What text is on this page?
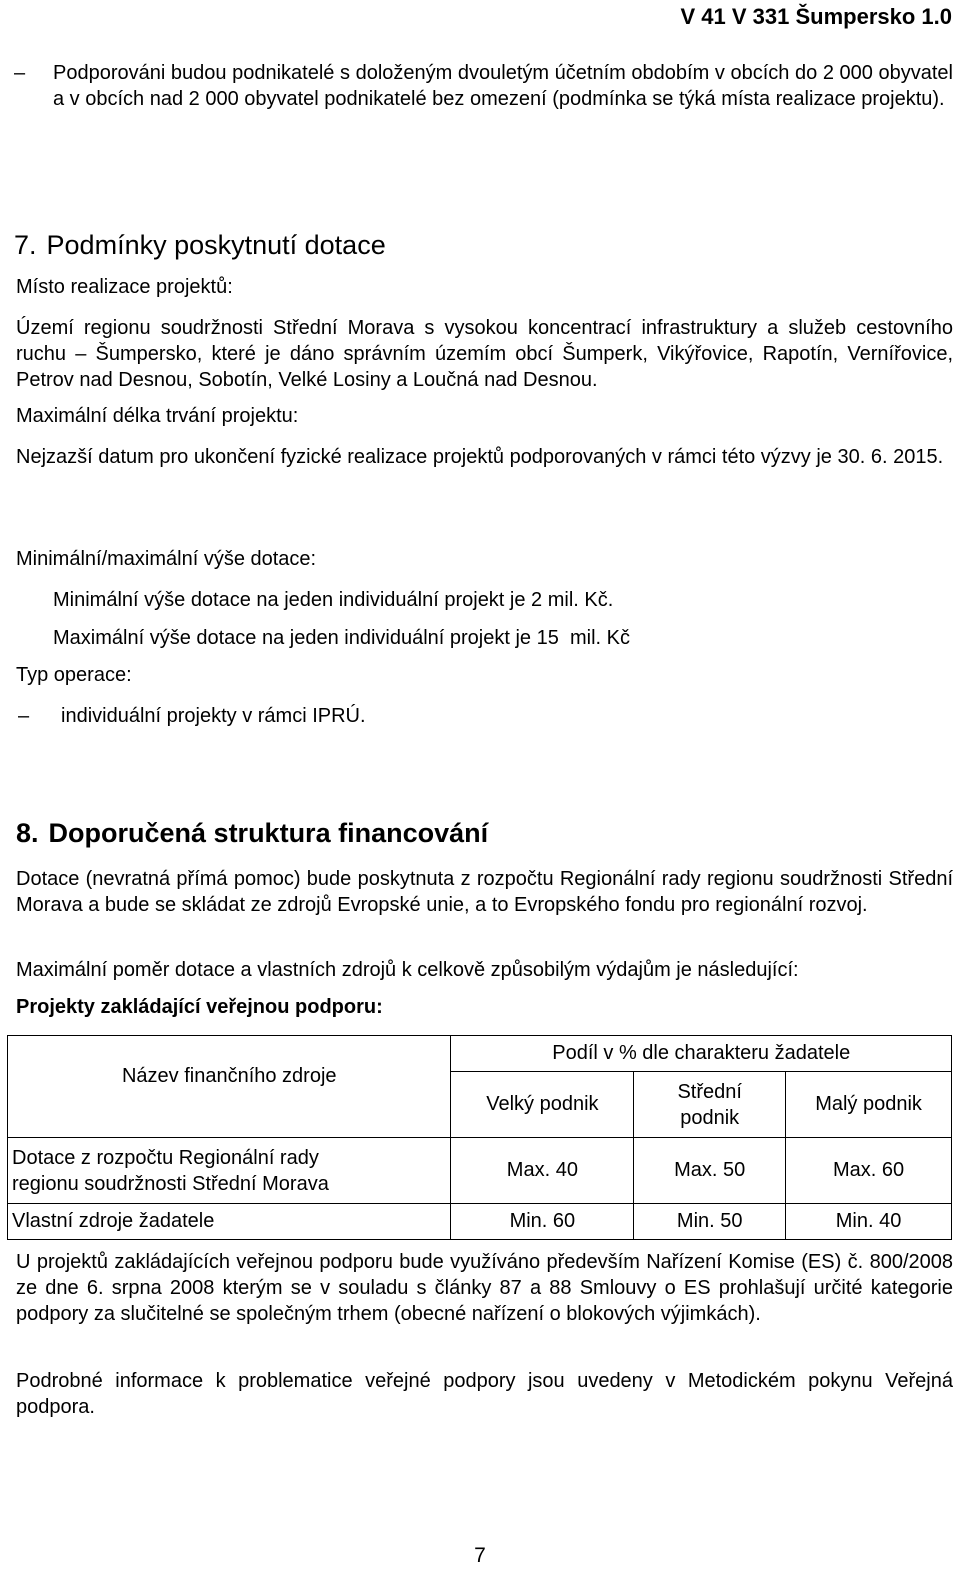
V 41 V 331 Šumpersko 1.0
– Podporováni budou podnikatelé s doloženým dvouletým účetním obdobím v obcích do 2 000 obyvatel a v obcích nad 2 000 obyvatel podnikatelé bez omezení (podmínka se týká místa realizace projektu).
7. Podmínky poskytnutí dotace
Místo realizace projektů:
Území regionu soudržnosti Střední Morava s vysokou koncentrací infrastruktury a služeb cestovního ruchu – Šumpersko, které je dáno správním územím obcí Šumperk, Vikýřovice, Rapotín, Vernířovice, Petrov nad Desnou, Sobotín, Velké Losiny a Loučná nad Desnou.
Maximální délka trvání projektu:
Nejzazší datum pro ukončení fyzické realizace projektů podporovaných v rámci této výzvy je 30. 6. 2015.
Minimální/maximální výše dotace:
Minimální výše dotace na jeden individuální projekt je 2 mil. Kč.
Maximální výše dotace na jeden individuální projekt je 15  mil. Kč
Typ operace:
– individuální projekty v rámci IPRÚ.
8. Doporučená struktura financování
Dotace (nevratná přímá pomoc) bude poskytnuta z rozpočtu Regionální rady regionu soudržnosti Střední Morava a bude se skládat ze zdrojů Evropské unie, a to Evropského fondu pro regionální rozvoj.
Maximální poměr dotace a vlastních zdrojů k celkově způsobilým výdajům je následující:
Projekty zakládající veřejnou podporu:
Název finančního zdroje	Podíl v % dle charakteru žadatele		
	Velký podnik	Střední podnik	Malý podnik
Dotace z rozpočtu Regionální rady regionu soudržnosti Střední Morava	Max. 40	Max. 50	Max. 60
Vlastní zdroje žadatele	Min. 60	Min. 50	Min. 40
U projektů zakládajících veřejnou podporu bude využíváno především Nařízení Komise (ES) č. 800/2008 ze dne 6. srpna 2008 kterým se v souladu s články 87 a 88 Smlouvy o ES prohlašují určité kategorie podpory za slučitelné se společným trhem (obecné nařízení o blokových výjimkách).
Podrobné informace k problematice veřejné podpory jsou uvedeny v Metodickém pokynu Veřejná podpora.
7
